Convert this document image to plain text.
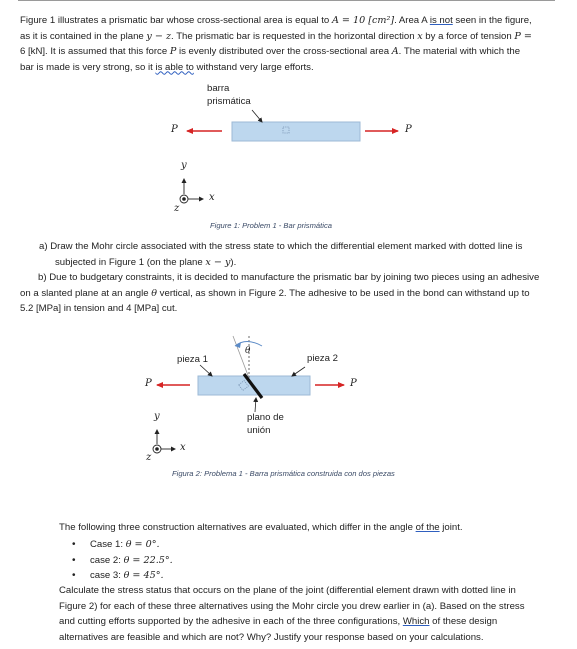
Figure 1 illustrates a prismatic bar whose cross-sectional area is equal to A = 10 [cm²]. Area A is not seen in the figure,
as it is contained in the plane y − z. The prismatic bar is requested in the horizontal direction x by a force of tension P =
6 [kN]. It is assumed that this force P is evenly distributed over the cross-sectional area A. The material with which the
bar is made is very strong, so it is able to withstand very large efforts.

barra
prismática
P	P
y
x
z
Figure 1: Problem 1 - Bar prismática

a) Draw the Mohr circle associated with the stress state to which the differential element marked with dotted line is
subjected in Figure 1 (on the plane x − y).

b) Due to budgetary constraints, it is decided to manufacture the prismatic bar by joining two pieces using an adhesive
on a slanted plane at an angle θ vertical, as shown in Figure 2. The adhesive to be used in the bond can withstand up to
5.2 [MPa] in tension and 4 [MPa] cut.

θ
pieza 1	pieza 2
P	P
plano de
unión
y
x
z
Figura 2: Problema 1 - Barra prismática construida con dos piezas

The following three construction alternatives are evaluated, which differ in the angle of the joint.

• Case 1: θ = 0°.
• case 2: θ = 22.5°.
• case 3: θ = 45°.

Calculate the stress status that occurs on the plane of the joint (differential element drawn with dotted line in
Figure 2) for each of these three alternatives using the Mohr circle you drew earlier in (a). Based on the stress
and cutting efforts supported by the adhesive in each of the three configurations, Which of these design
alternatives are feasible and which are not? Why? Justify your response based on your calculations.
